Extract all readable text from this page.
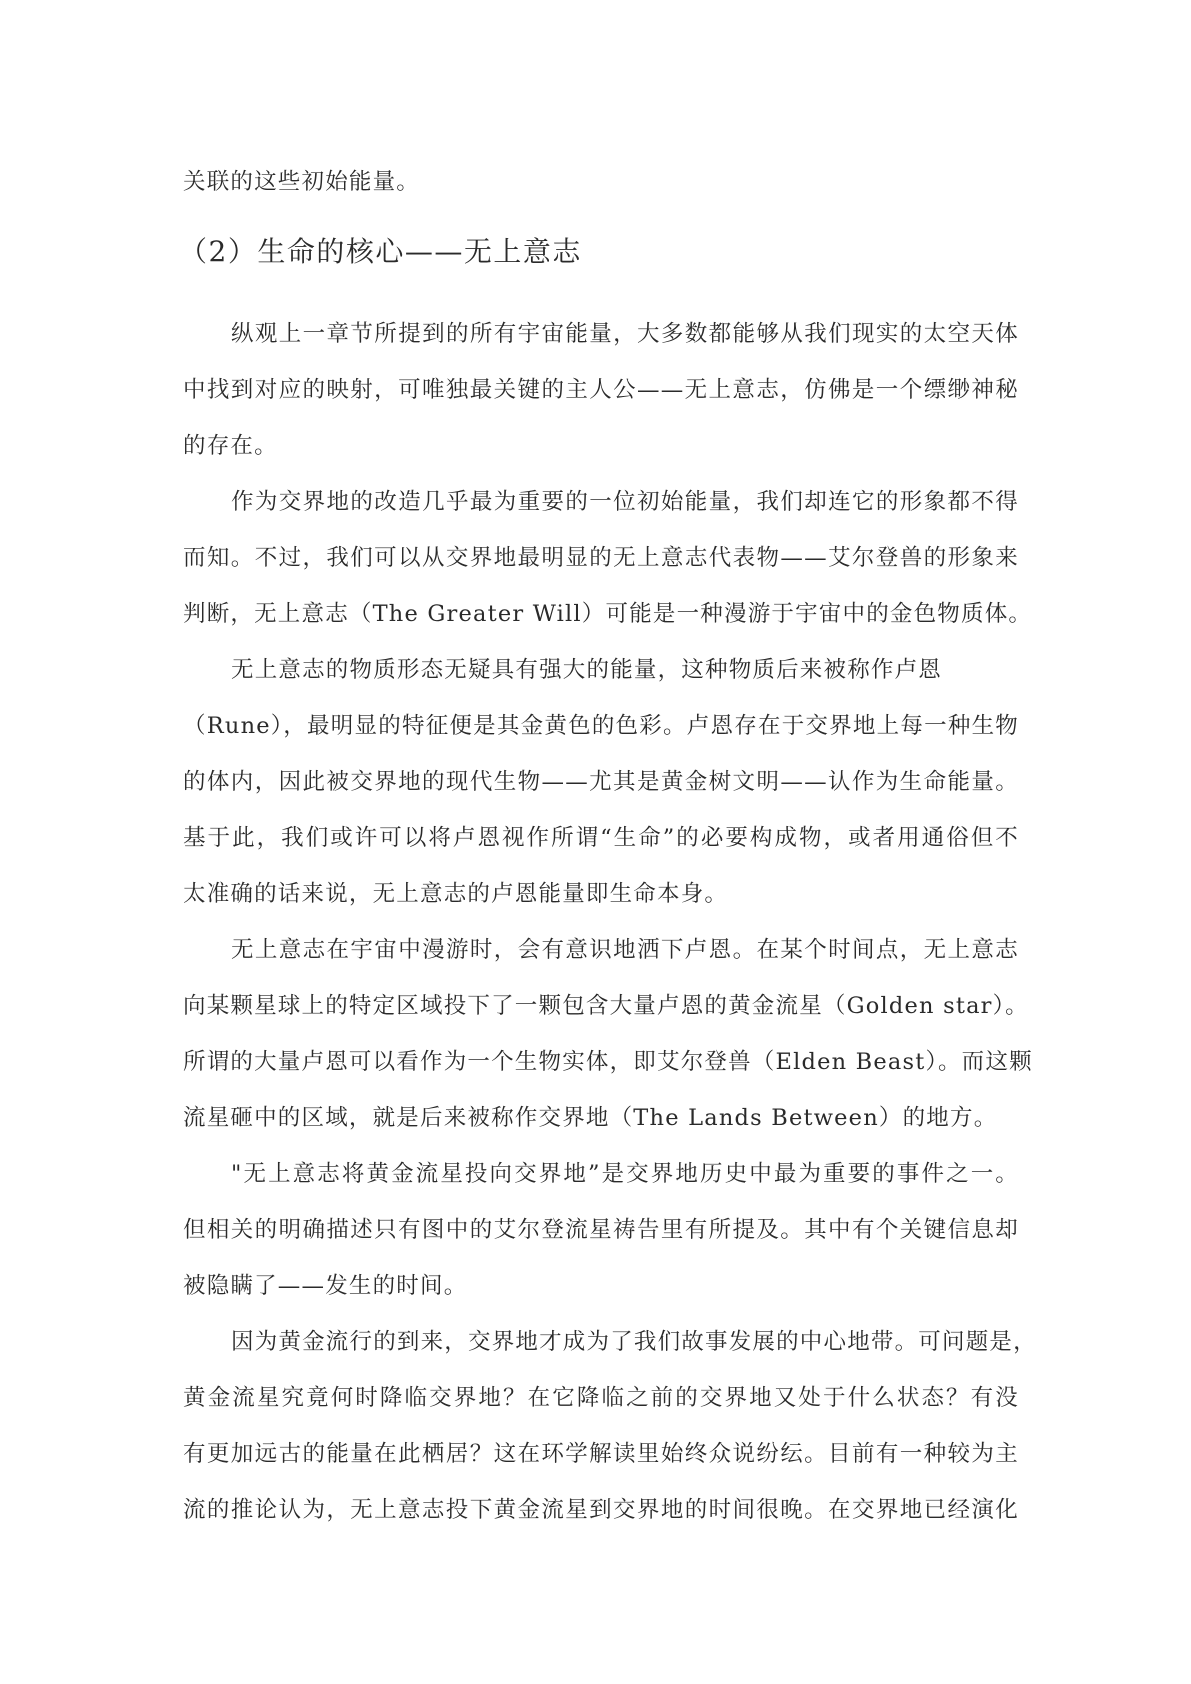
关联的这些初始能量。
（2）生命的核心——无上意志
纵观上一章节所提到的所有宇宙能量，大多数都能够从我们现实的太空天体
中找到对应的映射，可唯独最关键的主人公——无上意志，仿佛是一个缥缈神秘
的存在。
作为交界地的改造几乎最为重要的一位初始能量，我们却连它的形象都不得
而知。不过，我们可以从交界地最明显的无上意志代表物——艾尔登兽的形象来
判断，无上意志（The Greater Will）可能是一种漫游于宇宙中的金色物质体。
无上意志的物质形态无疑具有强大的能量，这种物质后来被称作卢恩
（Rune），最明显的特征便是其金黄色的色彩。卢恩存在于交界地上每一种生物
的体内，因此被交界地的现代生物——尤其是黄金树文明——认作为生命能量。
基于此，我们或许可以将卢恩视作所谓“生命”的必要构成物，或者用通俗但不
太准确的话来说，无上意志的卢恩能量即生命本身。
无上意志在宇宙中漫游时，会有意识地洒下卢恩。在某个时间点，无上意志
向某颗星球上的特定区域投下了一颗包含大量卢恩的黄金流星（Golden star）。
所谓的大量卢恩可以看作为一个生物实体，即艾尔登兽（Elden Beast）。而这颗
流星砸中的区域，就是后来被称作交界地（The Lands Between）的地方。
"无上意志将黄金流星投向交界地”是交界地历史中最为重要的事件之一。
但相关的明确描述只有图中的艾尔登流星祷告里有所提及。其中有个关键信息却
被隐瞒了——发生的时间。
因为黄金流行的到来，交界地才成为了我们故事发展的中心地带。可问题是，
黄金流星究竟何时降临交界地？在它降临之前的交界地又处于什么状态？有没
有更加远古的能量在此栖居？这在环学解读里始终众说纷纭。目前有一种较为主
流的推论认为，无上意志投下黄金流星到交界地的时间很晚。在交界地已经演化
